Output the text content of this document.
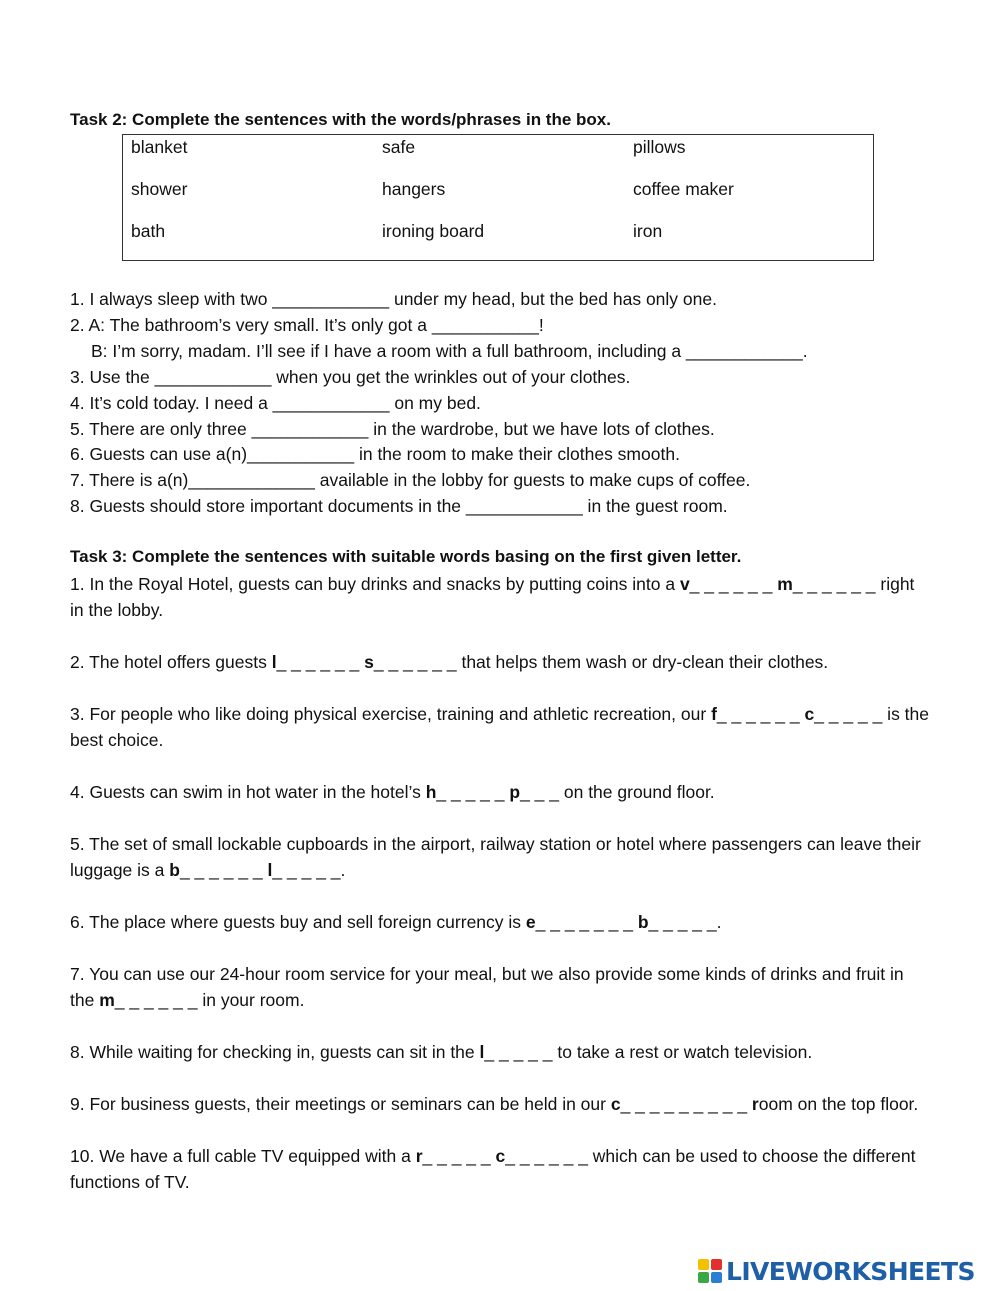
Task 2: Complete the sentences with the words/phrases in the box.
blanket	safe	pillows
shower	hangers	coffee maker
bath	ironing board	iron
1. I always sleep with two ____________ under my head, but the bed has only one.
2. A: The bathroom’s very small. It’s only got a ___________!
B: I’m sorry, madam. I’ll see if I have a room with a full bathroom, including a ____________.
3. Use the ____________ when you get the wrinkles out of your clothes.
4. It’s cold today. I need a ____________ on my bed.
5. There are only three ____________ in the wardrobe, but we have lots of clothes.
6. Guests can use a(n)___________ in the room to make their clothes smooth.
7. There is a(n)_____________ available in the lobby for guests to make cups of coffee.
8. Guests should store important documents in the ____________ in the guest room.
Task 3: Complete the sentences with suitable words basing on the first given letter.
1. In the Royal Hotel, guests can buy drinks and snacks by putting coins into a v_ _ _ _ _ _ m_ _ _ _ _ _ right in the lobby.
2. The hotel offers guests l_ _ _ _ _ _ s_ _ _ _ _ _ that helps them wash or dry-clean their clothes.
3. For people who like doing physical exercise, training and athletic recreation, our f_ _ _ _ _ _ c_ _ _ _ _ is the best choice.
4. Guests can swim in hot water in the hotel’s h_ _ _ _ _ p_ _ _ on the ground floor.
5. The set of small lockable cupboards in the airport, railway station or hotel where passengers can leave their luggage is a b_ _ _ _ _ _ l_ _ _ _ _.
6. The place where guests buy and sell foreign currency is e_ _ _ _ _ _ _ b_ _ _ _ _.
7. You can use our 24-hour room service for your meal, but we also provide some kinds of drinks and fruit in the m_ _ _ _ _ _ in your room.
8. While waiting for checking in, guests can sit in the l_ _ _ _ _ to take a rest or watch television.
9. For business guests, their meetings or seminars can be held in our c_ _ _ _ _ _ _ _ _ room on the top floor.
10. We have a full cable TV equipped with a r_ _ _ _ _ c_ _ _ _ _ _ which can be used to choose the different functions of TV.
LIVEWORKSHEETS
